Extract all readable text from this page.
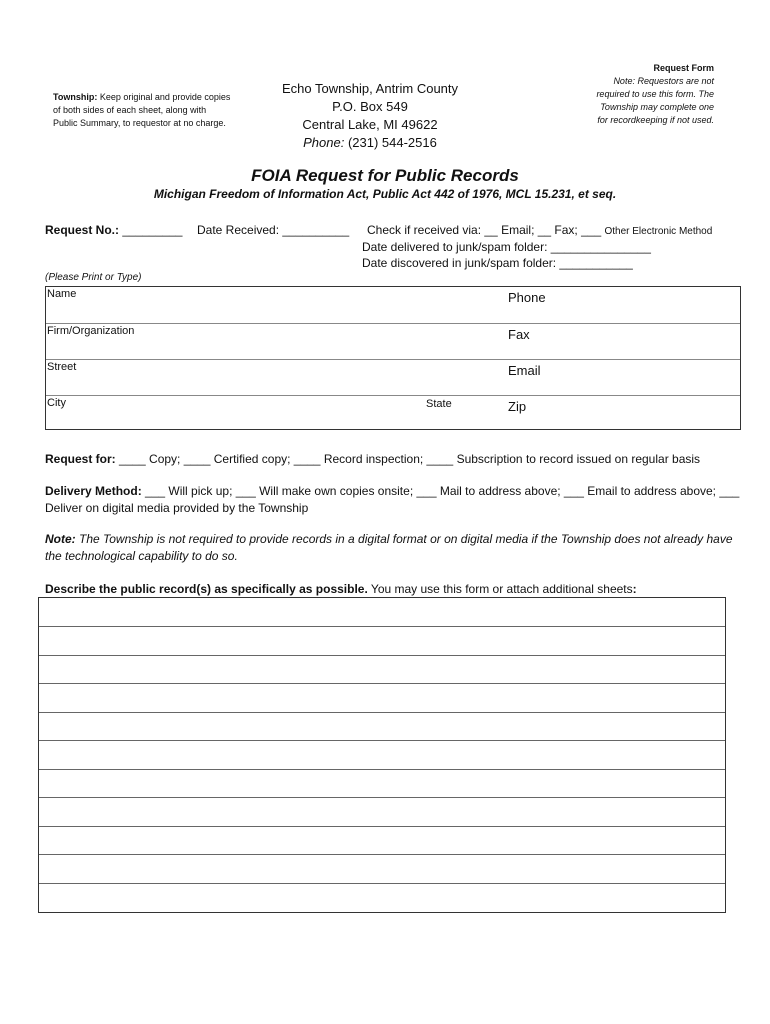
Township: Keep original and provide copies of both sides of each sheet, along with Public Summary, to requestor at no charge.
Echo Township, Antrim County
P.O. Box 549
Central Lake, MI 49622
Phone: (231) 544-2516
Request Form
Note: Requestors are not required to use this form. The Township may complete one for recordkeeping if not used.
FOIA Request for Public Records
Michigan Freedom of Information Act, Public Act 442 of 1976, MCL 15.231, et seq.
Request No.: _________ Date Received: __________ Check if received via: __ Email; __ Fax; ___ Other Electronic Method
Date delivered to junk/spam folder: _______________
Date discovered in junk/spam folder: ___________
(Please Print or Type)
Name	Phone
Firm/Organization	Fax
Street	Email
City	State	Zip
Request for: ____ Copy; ____ Certified copy; ____ Record inspection; ____ Subscription to record issued on regular basis
Delivery Method: ___ Will pick up; ___ Will make own copies onsite; ___ Mail to address above; ___ Email to address above; ___
Deliver on digital media provided by the Township
Note: The Township is not required to provide records in a digital format or on digital media if the Township does not already have the technological capability to do so.
Describe the public record(s) as specifically as possible. You may use this form or attach additional sheets:
